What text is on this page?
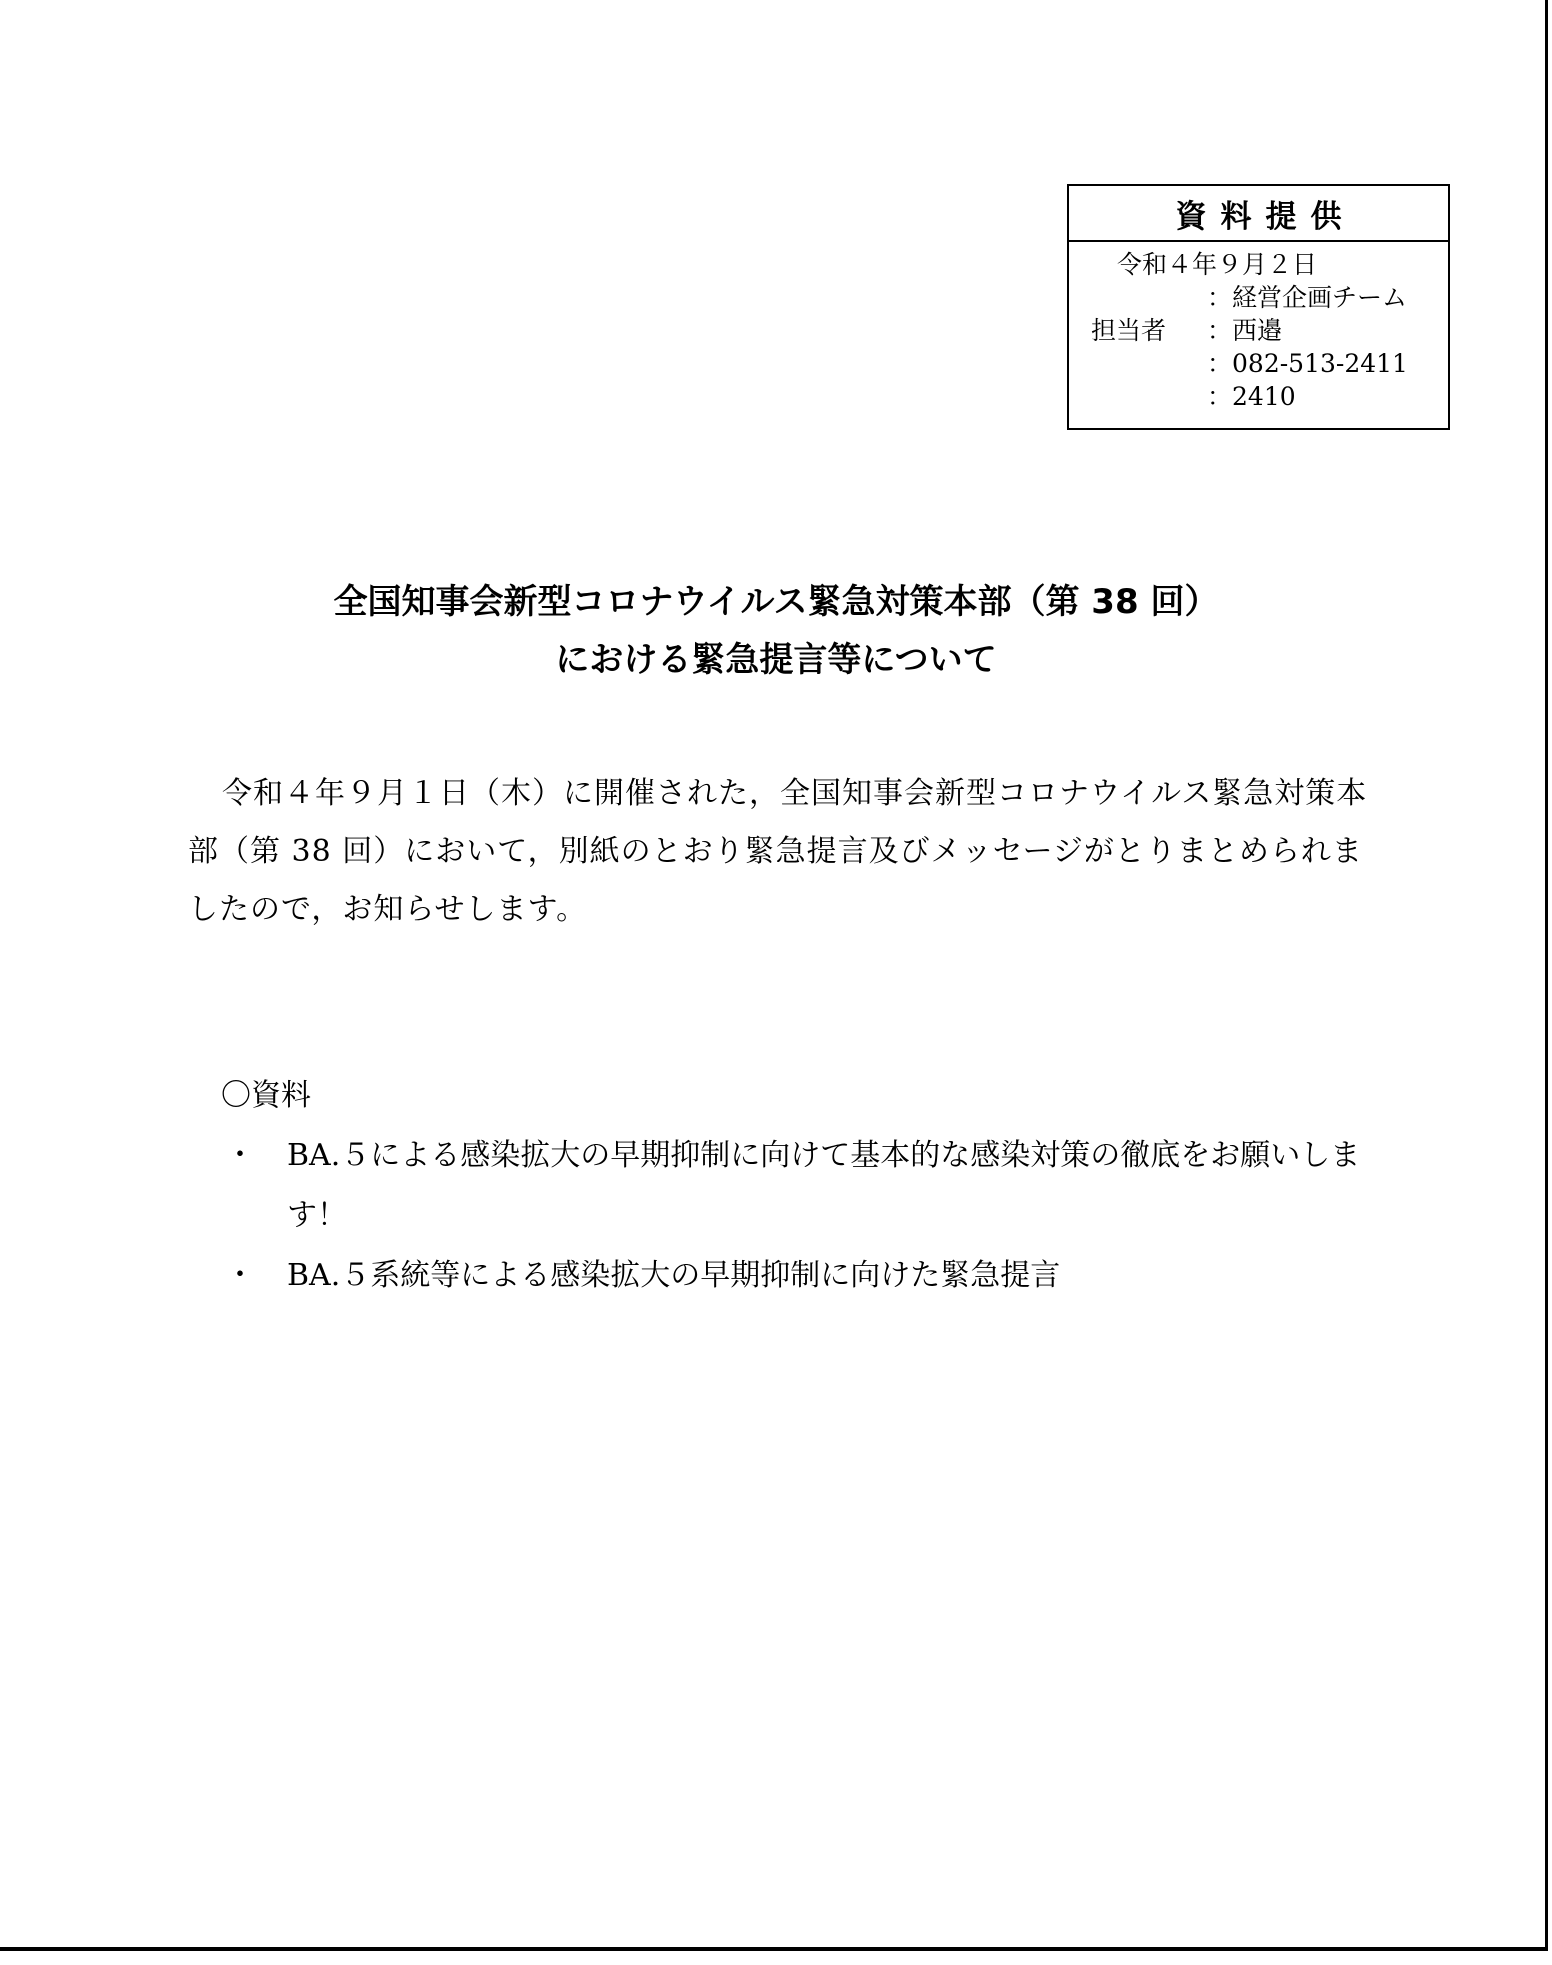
資料提供
令和４年９月２日
： 経営企画チーム
担当者 ： 西邉
： 082-513-2411
： 2410
全国知事会新型コロナウイルス緊急対策本部（第 38 回）
における緊急提言等について
令和４年９月１日（木）に開催された，全国知事会新型コロナウイルス緊急対策本部（第 38 回）において，別紙のとおり緊急提言及びメッセージがとりまとめられましたので，お知らせします。
〇資料
・	BA.５による感染拡大の早期抑制に向けて基本的な感染対策の徹底をお願いします！
・	BA.５系統等による感染拡大の早期抑制に向けた緊急提言
